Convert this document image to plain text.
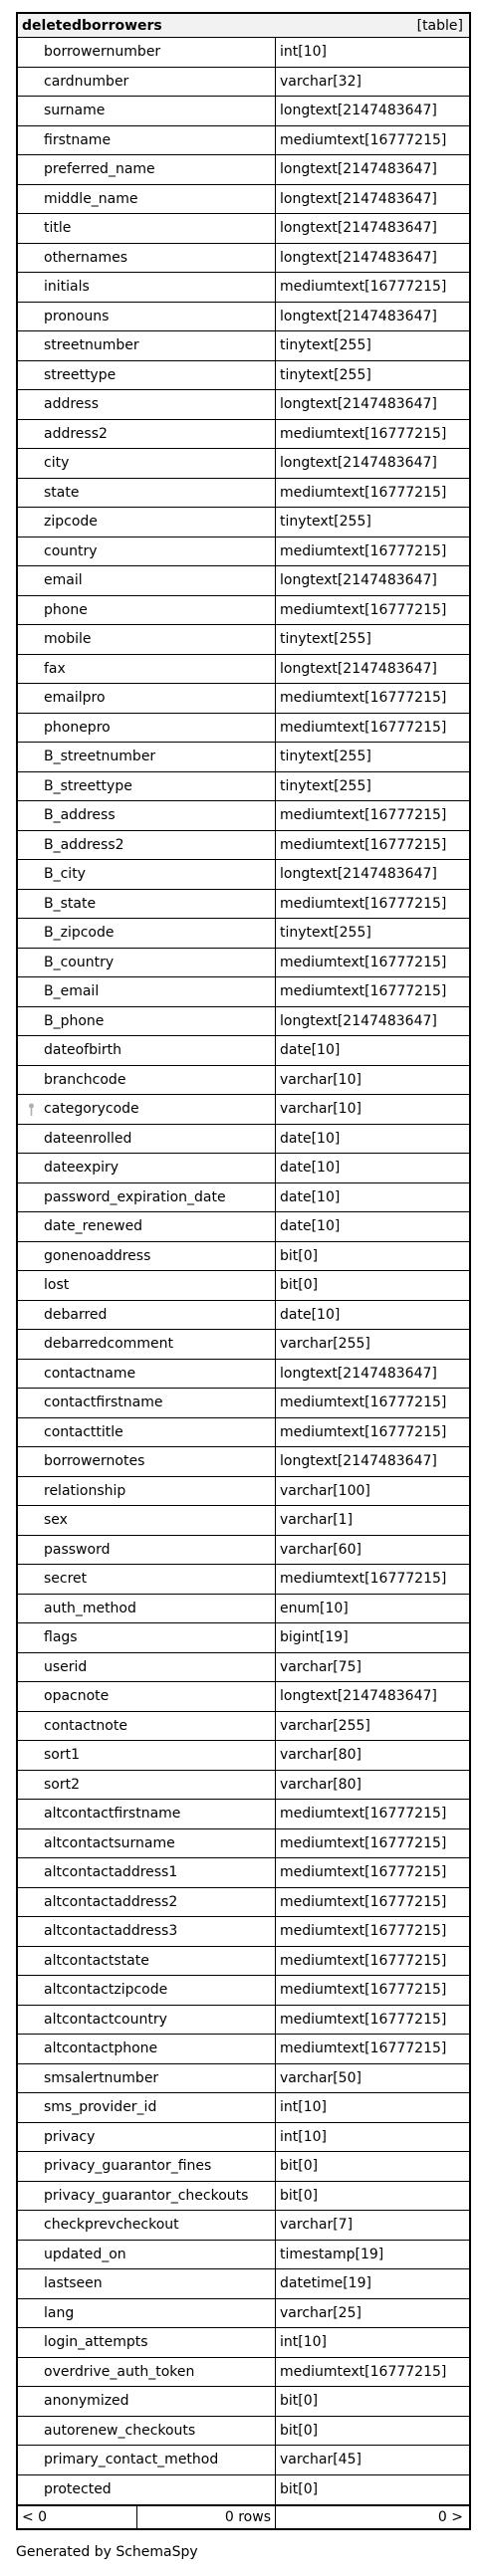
deletedborrowers	[table]
borrowernumber	int[10]
cardnumber	varchar[32]
surname	longtext[2147483647]
firstname	mediumtext[16777215]
preferred_name	longtext[2147483647]
middle_name	longtext[2147483647]
title	longtext[2147483647]
othernames	longtext[2147483647]
initials	mediumtext[16777215]
pronouns	longtext[2147483647]
streetnumber	tinytext[255]
streettype	tinytext[255]
address	longtext[2147483647]
address2	mediumtext[16777215]
city	longtext[2147483647]
state	mediumtext[16777215]
zipcode	tinytext[255]
country	mediumtext[16777215]
email	longtext[2147483647]
phone	mediumtext[16777215]
mobile	tinytext[255]
fax	longtext[2147483647]
emailpro	mediumtext[16777215]
phonepro	mediumtext[16777215]
B_streetnumber	tinytext[255]
B_streettype	tinytext[255]
B_address	mediumtext[16777215]
B_address2	mediumtext[16777215]
B_city	longtext[2147483647]
B_state	mediumtext[16777215]
B_zipcode	tinytext[255]
B_country	mediumtext[16777215]
B_email	mediumtext[16777215]
B_phone	longtext[2147483647]
dateofbirth	date[10]
branchcode	varchar[10]
categorycode	varchar[10]
dateenrolled	date[10]
dateexpiry	date[10]
password_expiration_date	date[10]
date_renewed	date[10]
gonenoaddress	bit[0]
lost	bit[0]
debarred	date[10]
debarredcomment	varchar[255]
contactname	longtext[2147483647]
contactfirstname	mediumtext[16777215]
contacttitle	mediumtext[16777215]
borrowernotes	longtext[2147483647]
relationship	varchar[100]
sex	varchar[1]
password	varchar[60]
secret	mediumtext[16777215]
auth_method	enum[10]
flags	bigint[19]
userid	varchar[75]
opacnote	longtext[2147483647]
contactnote	varchar[255]
sort1	varchar[80]
sort2	varchar[80]
altcontactfirstname	mediumtext[16777215]
altcontactsurname	mediumtext[16777215]
altcontactaddress1	mediumtext[16777215]
altcontactaddress2	mediumtext[16777215]
altcontactaddress3	mediumtext[16777215]
altcontactstate	mediumtext[16777215]
altcontactzipcode	mediumtext[16777215]
altcontactcountry	mediumtext[16777215]
altcontactphone	mediumtext[16777215]
smsalertnumber	varchar[50]
sms_provider_id	int[10]
privacy	int[10]
privacy_guarantor_fines	bit[0]
privacy_guarantor_checkouts bit[0]
checkprevcheckout	varchar[7]
updated_on	timestamp[19]
lastseen	datetime[19]
lang	varchar[25]
login_attempts	int[10]
overdrive_auth_token	mediumtext[16777215]
anonymized	bit[0]
autorenew_checkouts	bit[0]
primary_contact_method	varchar[45]
protected	bit[0]
< 0	0 rows	0 >
Generated by SchemaSpy
